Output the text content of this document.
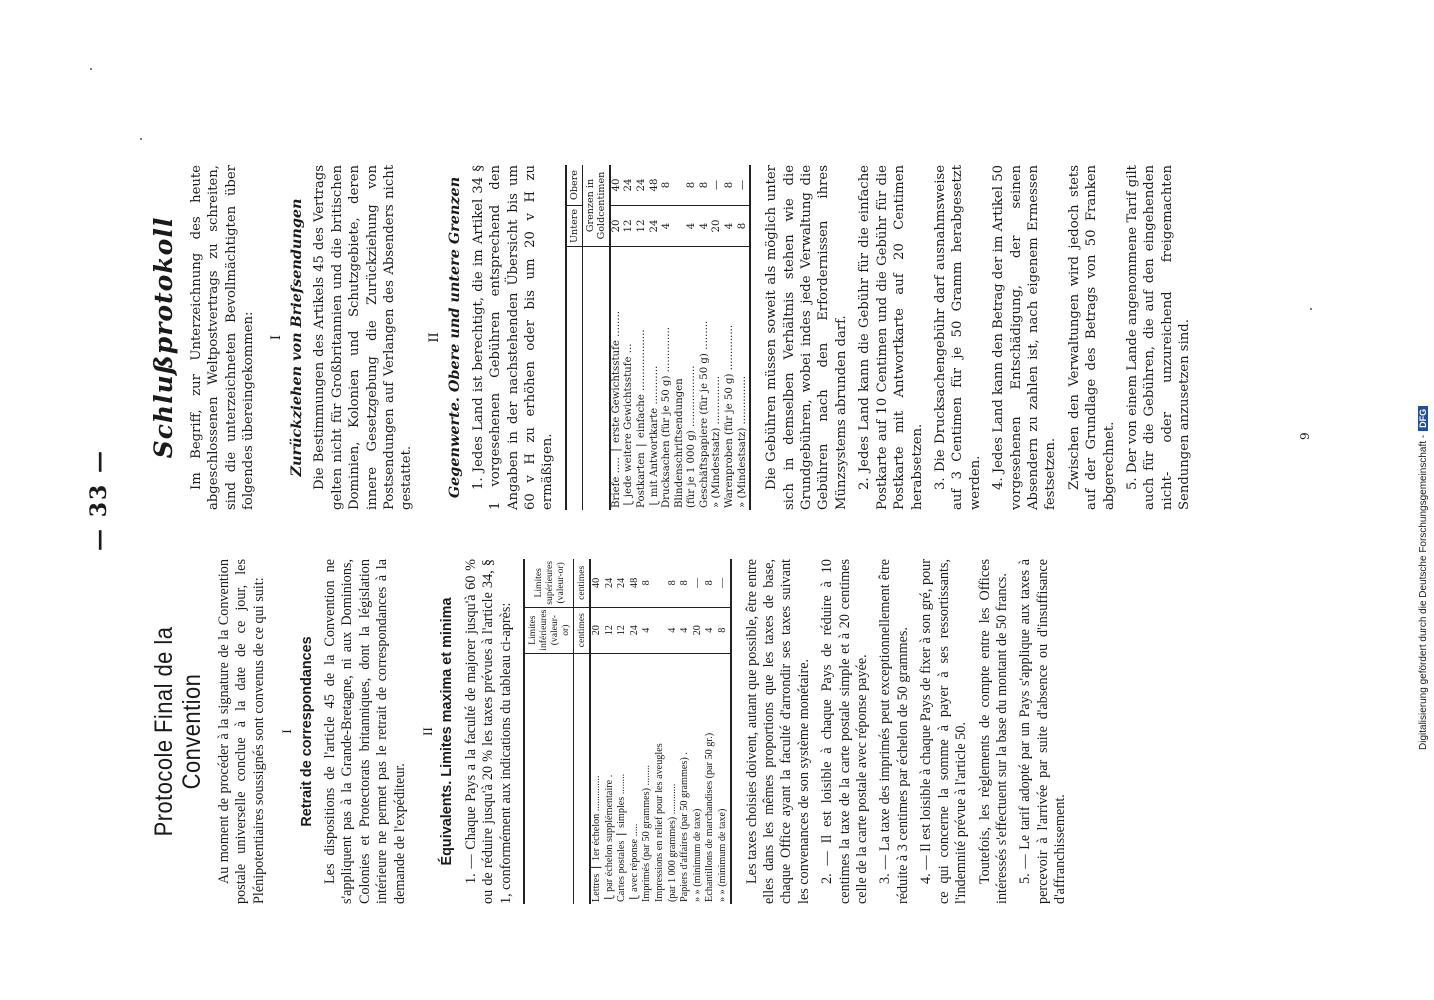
— 33 —
Protocole Final de la Convention Au moment de procéder à la signature de la Convention postale universelle conclue à la date de ce jour, les Plénipotentiaires soussignés sont convenus de ce qui suit: I Retrait de correspondances Les dispositions de l'article 45 de la Convention ne s'appliquent pas à la Grande-Bretagne, ni aux Dominions, Colonies et Protectorats britanniques, dont la législation intérieure ne permet pas le retrait de correspondances à la demande de l'expéditeur.

II Équivalents. Limites maxima et minima 1. — Chaque Pays a la faculté de majorer jusqu'à 60 % ou de réduire jusqu'à 20 % les taxes prévues à l'article 34, § 1, conformément aux indications du tableau ci-après:

	Limites inférieures (valeur-or)	Limites supérieures (valeur-or)
	centimes	centimes
Lettres ⎧ 1er échelon ..............	20	40
⎩ par échelon supplémentaire .	12	24
Cartes postales ⎧ simples ........	12	24
⎩ avec réponse .....	24	48
Imprimés (par 50 grammes) ........	4	8
Impressions en relief pour les aveugles		
(par 1 000 grammes) ............	4	8
Papiers d'affaires (par 50 grammes) .	4	8
» » (minimum de taxe)	20	—
Échantillons de marchandises (par 50 gr.)	4	8
» » (minimum de taxe)	8	— Les taxes choisies doivent, autant que possible, être entre elles dans les mêmes proportions que les taxes de base, chaque Office ayant la faculté d'arrondir ses taxes suivant les convenances de son système monétaire. 2. — Il est loisible à chaque Pays de réduire à 10 centimes la taxe de la carte postale simple et à 20 centimes celle de la carte postale avec réponse payée. 3. — La taxe des imprimés peut exceptionnellement être réduite à 3 centimes par échelon de 50 grammes. 4. — Il est loisible à chaque Pays de fixer à son gré, pour ce qui concerne la somme à payer à ses ressortissants, l'indemnité prévue à l'article 50. Toutefois, les règlements de compte entre les Offices intéressés s'effectuent sur la base du montant de 50 francs. 5. — Le tarif adopté par un Pays s'applique aux taxes à percevoir à l'arrivée par suite d'absence ou d'insuffisance d'affranchissement.

Schlußprotokoll Im Begriff, zur Unterzeichnung des heute abgeschlossenen Weltpostvertrags zu schreiten, sind die unterzeichneten Bevollmächtigten über folgendes übereingekommen: I Zurückziehen von Briefsendungen Die Bestimmungen des Artikels 45 des Vertrags gelten nicht für Großbritannien und die britischen Dominien, Kolonien und Schutzgebiete, deren innere Gesetzgebung die Zurückziehung von Postsendungen auf Verlangen des Absenders nicht gestattet.

II Gegenwerte. Obere und untere Grenzen 1. Jedes Land ist berechtigt, die im Artikel 34 § 1 vorgesehenen Gebühren entsprechend den Angaben in der nachstehenden Übersicht bis um 60 v H zu erhöhen oder bis um 20 v H zu ermäßigen.

	Untere	Obere
	Grenzen in Goldcentimen	
Briefe ..... ⎧ erste Gewichtsstufe ........	20	40
⎩ jede weitere Gewichtsstufe ...	12	24
Postkarten ⎧ einfache ...................	12	24
⎩ mit Antwortkarte ............	24	48
Drucksachen (für je 50 g) ..............	4	8
Blindenschriftsendungen		
(für je 1 000 g) ...................	4	8
Geschäftspapiere (für je 50 g) .........	4	8
» (Mindestsatz) ...............	20	—
Warenproben (für je 50 g) ..............	4	8
» (Mindestsatz) ...............	8	— Die Gebühren müssen soweit als möglich unter sich in demselben Verhältnis stehen wie die Grundgebühren, wobei indes jede Verwaltung die Gebühren nach den Erfordernissen ihres Münzsystems abrunden darf. 2. Jedes Land kann die Gebühr für die einfache Postkarte auf 10 Centimen und die Gebühr für die Postkarte mit Antwortkarte auf 20 Centimen herabsetzen. 3. Die Drucksachengebühr darf ausnahmsweise auf 3 Centimen für je 50 Gramm herabgesetzt werden. 4. Jedes Land kann den Betrag der im Artikel 50 vorgesehenen Entschädigung, der seinen Absendern zu zahlen ist, nach eigenem Ermessen festsetzen. Zwischen den Verwaltungen wird jedoch stets auf der Grundlage des Betrags von 50 Franken abgerechnet. 5. Der von einem Lande angenommene Tarif gilt auch für die Gebühren, die auf den eingehenden nicht- oder unzureichend freigemachten Sendungen anzusetzen sind.	9	Digitalisierung gefördert durch die Deutsche Forschungsgemeinschaft -DFG
